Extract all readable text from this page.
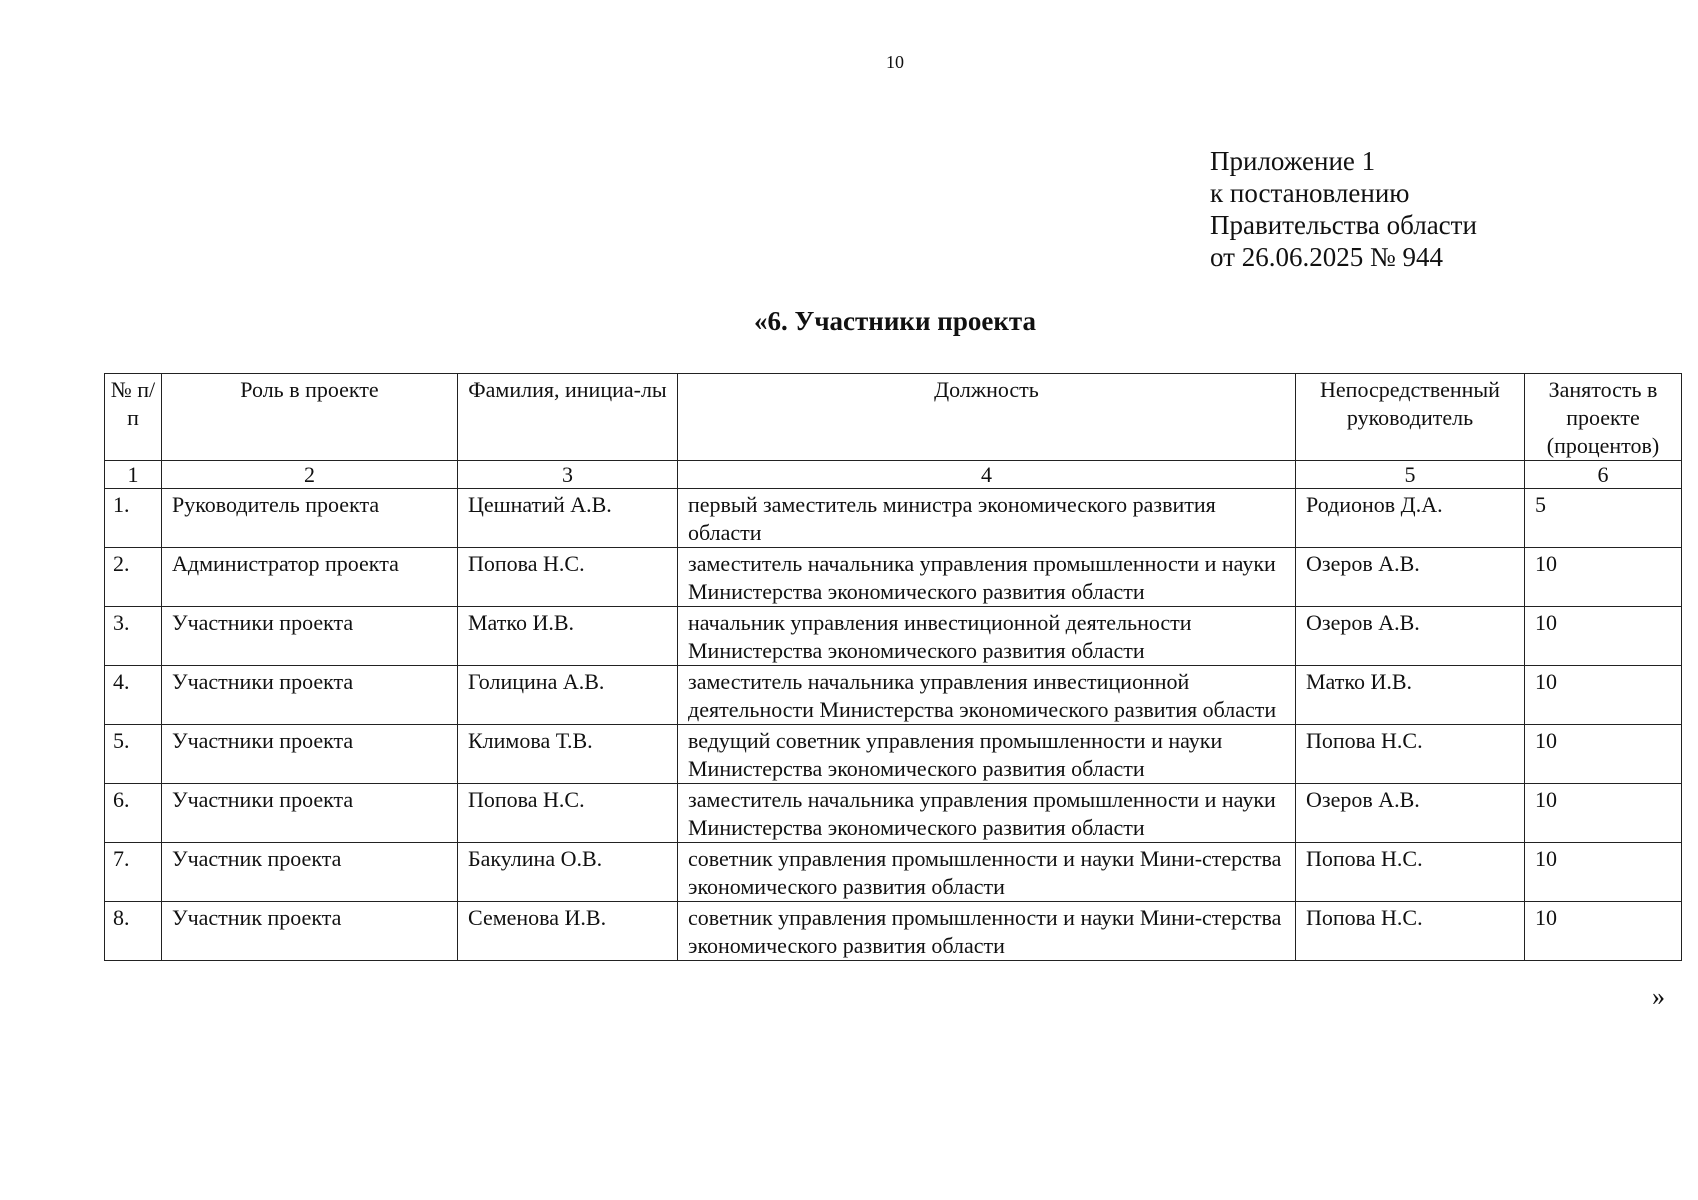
10
Приложение 1
к постановлению
Правительства области
от 26.06.2025 № 944
«6. Участники проекта
№ п/п	Роль в проекте	Фамилия, инициа-лы	Должность	Непосредственный руководитель	Занятость в проекте (процентов)
1	2	3	4	5	6
1.	Руководитель проекта	Цешнатий А.В.	первый заместитель министра экономического развития области	Родионов Д.А.	5
2.	Администратор проекта	Попова Н.С.	заместитель начальника управления промышленности и науки Министерства экономического развития области	Озеров А.В.	10
3.	Участники проекта	Матко И.В.	начальник управления инвестиционной деятельности Министерства экономического развития области	Озеров А.В.	10
4.	Участники проекта	Голицина А.В.	заместитель начальника управления инвестиционной деятельности Министерства экономического развития области	Матко И.В.	10
5.	Участники проекта	Климова Т.В.	ведущий советник управления промышленности и науки Министерства экономического развития области	Попова Н.С.	10
6.	Участники проекта	Попова Н.С.	заместитель начальника управления промышленности и науки Министерства экономического развития области	Озеров А.В.	10
7.	Участник проекта	Бакулина О.В.	советник управления промышленности и науки Мини-стерства экономического развития области	Попова Н.С.	10
8.	Участник проекта	Семенова И.В.	советник управления промышленности и науки Мини-стерства экономического развития области	Попова Н.С.	10
»
